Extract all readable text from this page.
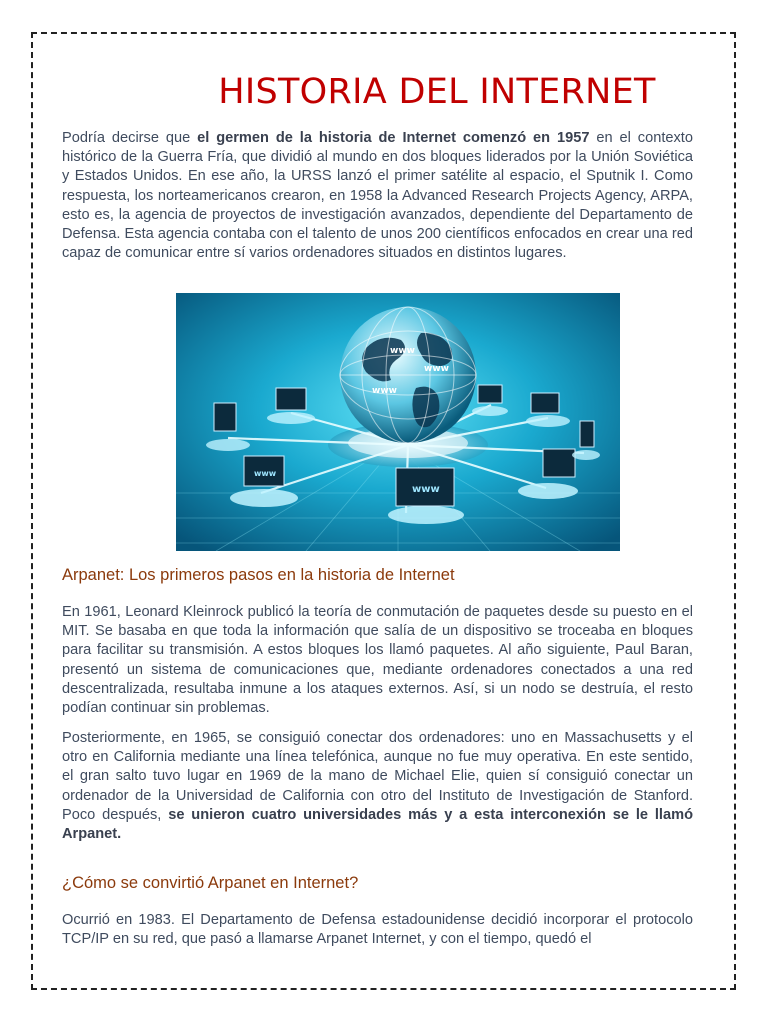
HISTORIA DEL INTERNET

Podría decirse que el germen de la historia de Internet comenzó en 1957 en el contexto histórico de la Guerra Fría, que dividió al mundo en dos bloques liderados por la Unión Soviética y Estados Unidos. En ese año, la URSS lanzó el primer satélite al espacio, el Sputnik I. Como respuesta, los norteamericanos crearon, en 1958 la Advanced Research Projects Agency, ARPA, esto es, la agencia de proyectos de investigación avanzados, dependiente del Departamento de Defensa. Esta agencia contaba con el talento de unos 200 científicos enfocados en crear una red capaz de comunicar entre sí varios ordenadores situados en distintos lugares.

www
www
www
www
www
Arpanet: Los primeros pasos en la historia de Internet

En 1961, Leonard Kleinrock publicó la teoría de conmutación de paquetes desde su puesto en el MIT. Se basaba en que toda la información que salía de un dispositivo se troceaba en bloques para facilitar su transmisión. A estos bloques los llamó paquetes. Al año siguiente, Paul Baran, presentó un sistema de comunicaciones que, mediante ordenadores conectados a una red descentralizada, resultaba inmune a los ataques externos. Así, si un nodo se destruía, el resto podían continuar sin problemas.

Posteriormente, en 1965, se consiguió conectar dos ordenadores: uno en Massachusetts y el otro en California mediante una línea telefónica, aunque no fue muy operativa. En este sentido, el gran salto tuvo lugar en 1969 de la mano de Michael Elie, quien sí consiguió conectar un ordenador de la Universidad de California con otro del Instituto de Investigación de Stanford. Poco después, se unieron cuatro universidades más y a esta interconexión se le llamó Arpanet.

¿Cómo se convirtió Arpanet en Internet?

Ocurrió en 1983. El Departamento de Defensa estadounidense decidió incorporar el protocolo TCP/IP en su red, que pasó a llamarse Arpanet Internet, y con el tiempo, quedó el
